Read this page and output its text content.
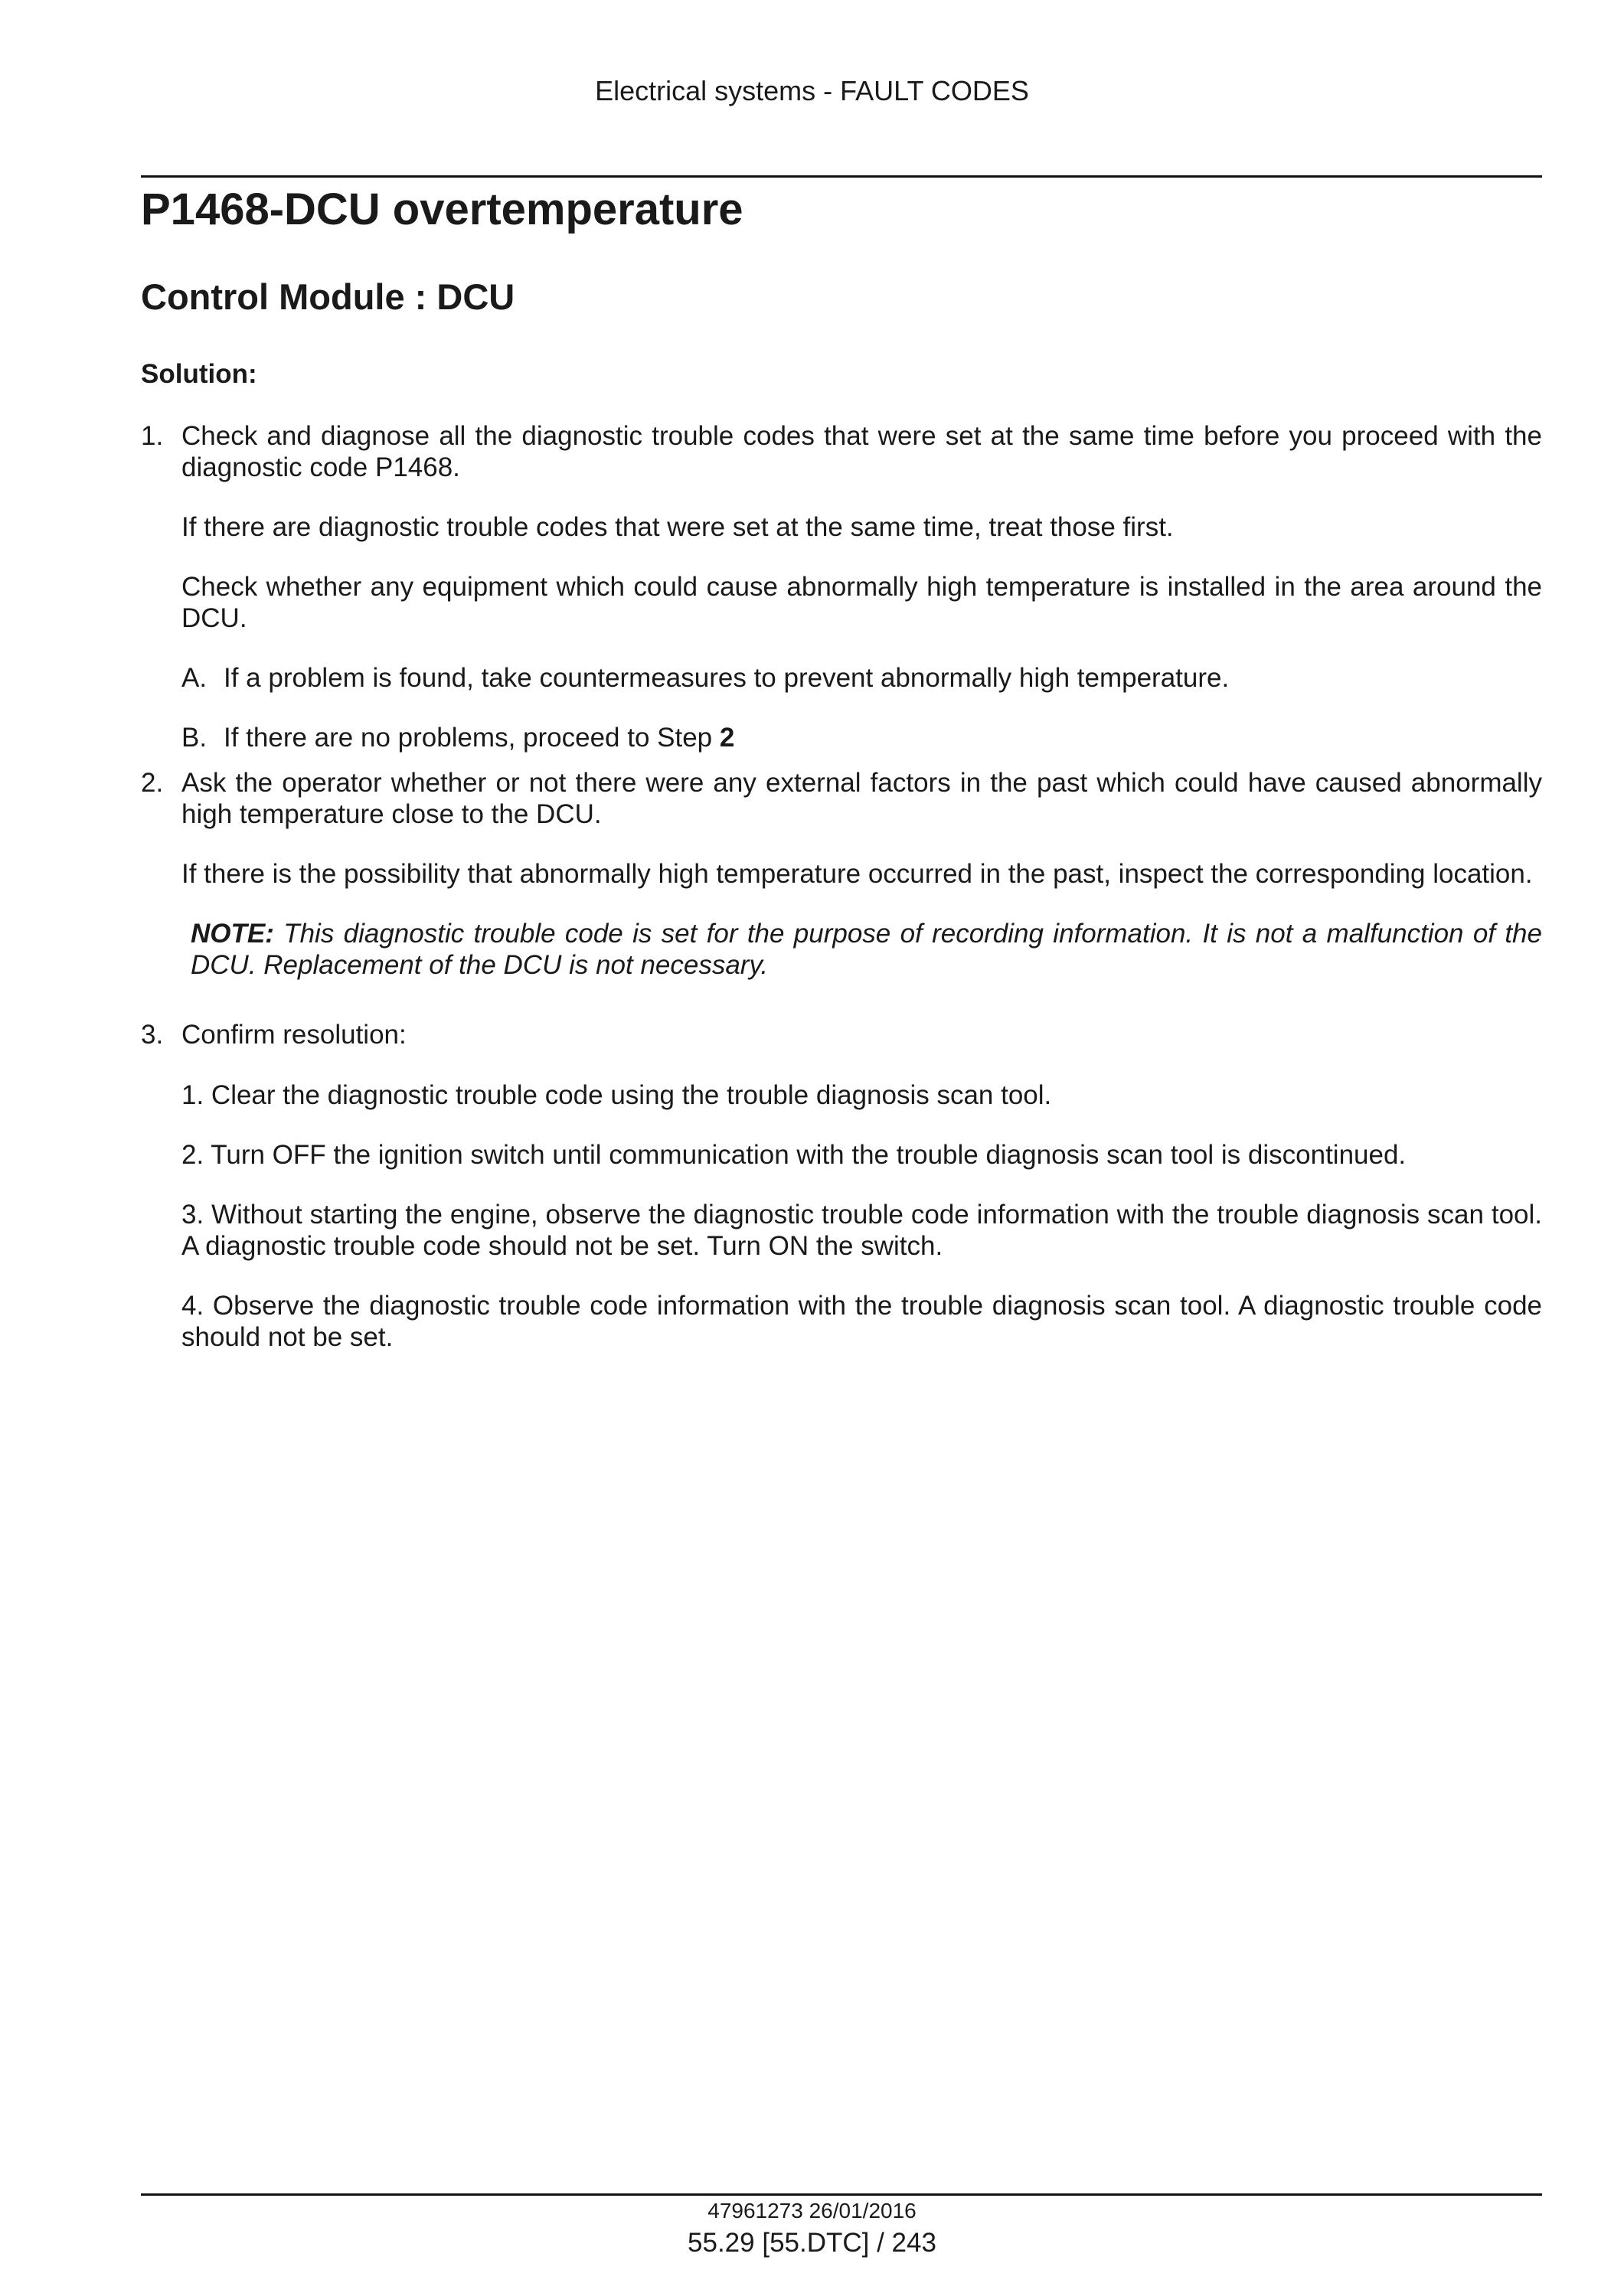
Electrical systems - FAULT CODES
P1468-DCU overtemperature
Control Module : DCU
Solution:
1. Check and diagnose all the diagnostic trouble codes that were set at the same time before you proceed with the diagnostic code P1468.

If there are diagnostic trouble codes that were set at the same time, treat those first.

Check whether any equipment which could cause abnormally high temperature is installed in the area around the DCU.

A. If a problem is found, take countermeasures to prevent abnormally high temperature.
B. If there are no problems, proceed to Step 2
2. Ask the operator whether or not there were any external factors in the past which could have caused abnormally high temperature close to the DCU.

If there is the possibility that abnormally high temperature occurred in the past, inspect the corresponding location.

NOTE: This diagnostic trouble code is set for the purpose of recording information. It is not a malfunction of the DCU. Replacement of the DCU is not necessary.

3. Confirm resolution:

1. Clear the diagnostic trouble code using the trouble diagnosis scan tool.

2. Turn OFF the ignition switch until communication with the trouble diagnosis scan tool is discontinued.

3. Without starting the engine, observe the diagnostic trouble code information with the trouble diagnosis scan tool. A diagnostic trouble code should not be set. Turn ON the switch.

4. Observe the diagnostic trouble code information with the trouble diagnosis scan tool. A diagnostic trouble code should not be set.

47961273 26/01/2016
55.29 [55.DTC] / 243
